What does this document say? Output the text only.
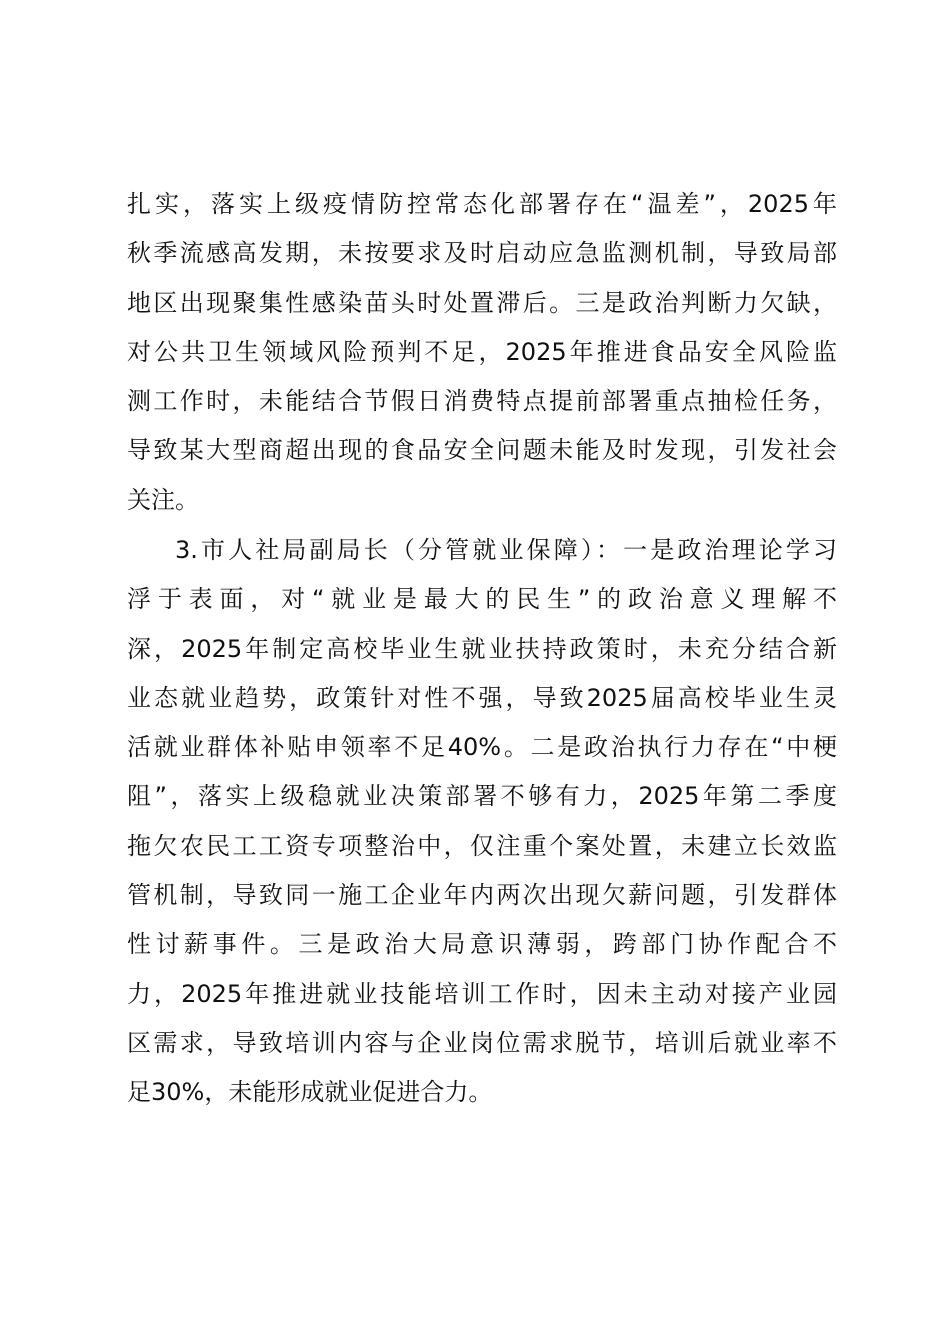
扎实，落实上级疫情防控常态化部署存在“温差”，2025年
秋季流感高发期，未按要求及时启动应急监测机制，导致局部
地区出现聚集性感染苗头时处置滞后。三是政治判断力欠缺，
对公共卫生领域风险预判不足，2025年推进食品安全风险监
测工作时，未能结合节假日消费特点提前部署重点抽检任务，
导致某大型商超出现的食品安全问题未能及时发现，引发社会
关注。
3.市人社局副局长（分管就业保障）：一是政治理论学习
浮于表面，对“就业是最大的民生”的政治意义理解不
深，2025年制定高校毕业生就业扶持政策时，未充分结合新
业态就业趋势，政策针对性不强，导致2025届高校毕业生灵
活就业群体补贴申领率不足40%。二是政治执行力存在“中梗
阻”，落实上级稳就业决策部署不够有力，2025年第二季度
拖欠农民工工资专项整治中，仅注重个案处置，未建立长效监
管机制，导致同一施工企业年内两次出现欠薪问题，引发群体
性讨薪事件。三是政治大局意识薄弱，跨部门协作配合不
力，2025年推进就业技能培训工作时，因未主动对接产业园
区需求，导致培训内容与企业岗位需求脱节，培训后就业率不
足30%，未能形成就业促进合力。
